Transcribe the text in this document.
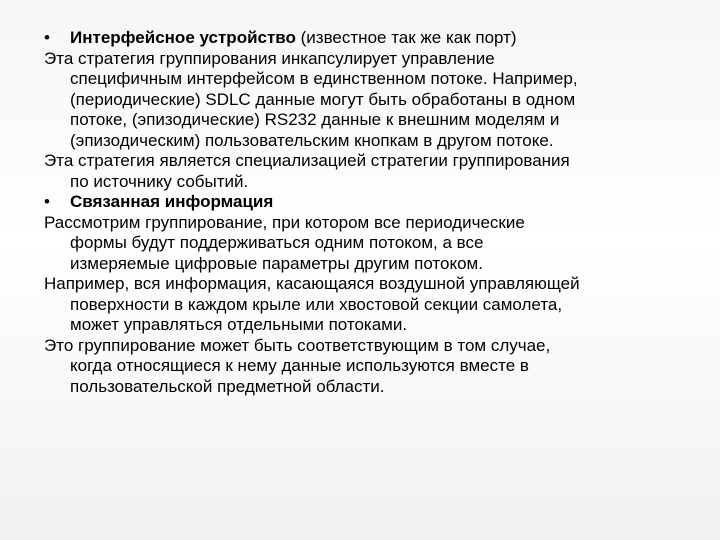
•	Интерфейсное устройство (известное так же как порт)

Эта стратегия группирования инкапсулирует управление

специфичным интерфейсом в единственном потоке. Например,

(периодические) SDLC данные могут быть обработаны в одном

потоке, (эпизодические) RS232 данные к внешним моделям и

(эпизодическим) пользовательским кнопкам в другом потоке.

Эта стратегия является специализацией стратегии группирования

по источнику событий.

•	Связанная информация

Рассмотрим группирование, при котором все периодические

формы будут поддерживаться одним потоком, а все

измеряемые цифровые параметры другим потоком.

Например, вся информация, касающаяся воздушной управляющей

поверхности в каждом крыле или хвостовой секции самолета,

может управляться отдельными потоками.

Это группирование может быть соответствующим в том случае,

когда относящиеся к нему данные используются вместе в

пользовательской предметной области.
